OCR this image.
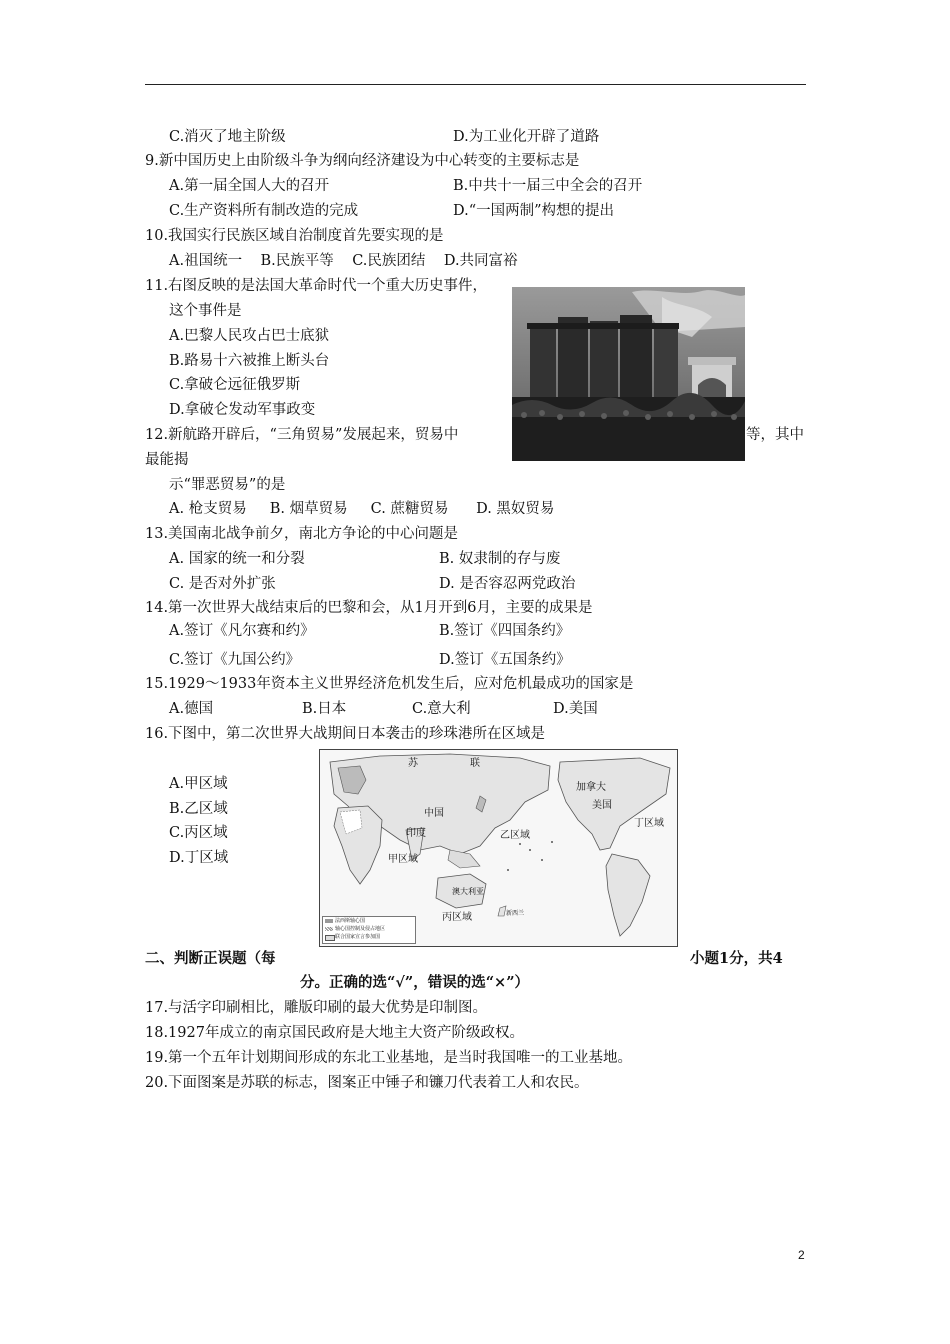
C.消灭了地主阶级	D.为工业化开辟了道路
9.新中国历史上由阶级斗争为纲向经济建设为中心转变的主要标志是
A.第一届全国人大的召开	B.中共十一届三中全会的召开
C.生产资料所有制改造的完成	D.“一国两制”构想的提出
10.我国实行民族区域自治制度首先要实现的是
A.祖国统一    B.民族平等    C.民族团结    D.共同富裕
11.右图反映的是法国大革命时代一个重大历史事件，
这个事件是
A.巴黎人民攻占巴士底狱
B.路易十六被推上断头台
C.拿破仑远征俄罗斯
D.拿破仑发动军事政变
12.新航路开辟后，“三角贸易”发展起来，贸易中	等，其中
最能揭
示“罪恶贸易”的是
A. 枪支贸易     B. 烟草贸易     C. 蔗糖贸易      D. 黑奴贸易
13.美国南北战争前夕，南北方争论的中心问题是
A. 国家的统一和分裂	B. 奴隶制的存与废
C. 是否对外扩张	D. 是否容忍两党政治
14.第一次世界大战结束后的巴黎和会，从1月开到6月，主要的成果是
A.签订《凡尔赛和约》	B.签订《四国条约》
C.签订《九国公约》	D.签订《五国条约》
15.1929～1933年资本主义世界经济危机发生后，应对危机最成功的国家是
A.德国	B.日本	C.意大利	D.美国
16.下图中，第二次世界大战期间日本袭击的珍珠港所在区域是
A.甲区域
B.乙区域
C.丙区域
D.丁区域
苏	联
加拿大
美国
中国
印度
甲区域
乙区域
丙区域
丁区域
澳大利亚
新西兰
法西斯轴心国
轴心国控制及侵占地区
联合国家宣言参加国
二、判断正误题（每	小题1分，共4
分。正确的选“√”，错误的选“×”）
17.与活字印刷相比，雕版印刷的最大优势是印制图。
18.1927年成立的南京国民政府是大地主大资产阶级政权。
19.第一个五年计划期间形成的东北工业基地，是当时我国唯一的工业基地。
20.下面图案是苏联的标志，图案正中锤子和镰刀代表着工人和农民。
2
